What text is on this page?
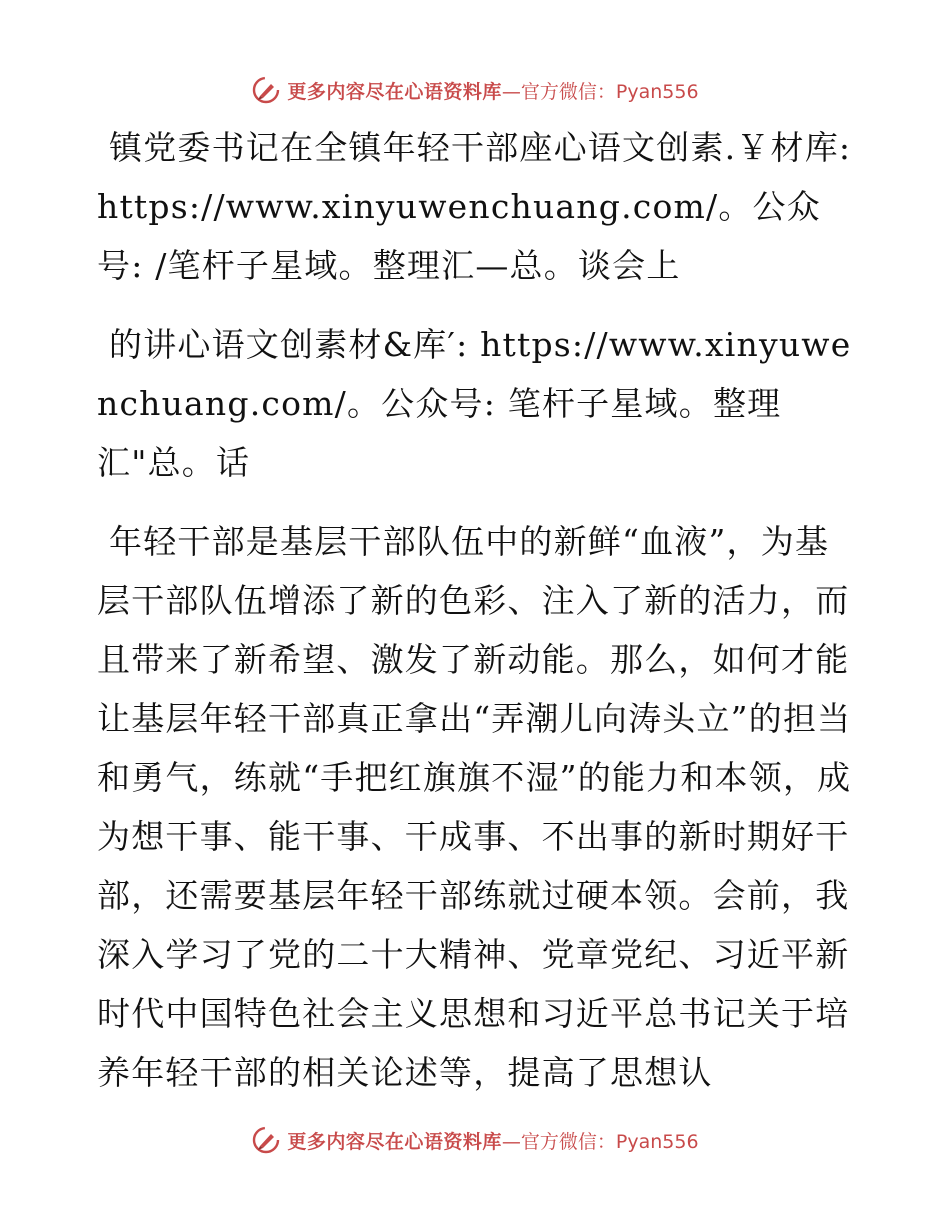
更多内容尽在心语资料库 —官方微信：Pyan556

镇党委书记在全镇年轻干部座心语文创素.￥材库: https://www.xinyuwenchuang.com/。公众号: /笔杆子星域。整理汇—总。谈会上

的讲心语文创素材&库′: https://www.xinyuwenchuang.com/。公众号: 笔杆子星域。整理汇"总。话

年轻干部是基层干部队伍中的新鲜“血液”，为基层干部队伍增添了新的色彩、注入了新的活力，而且带来了新希望、激发了新动能。那么，如何才能让基层年轻干部真正拿出“弄潮儿向涛头立”的担当和勇气，练就“手把红旗旗不湿”的能力和本领，成为想干事、能干事、干成事、不出事的新时期好干部，还需要基层年轻干部练就过硬本领。会前，我深入学习了党的二十大精神、党章党纪、习近平新时代中国特色社会主义思想和习近平总书记关于培养年轻干部的相关论述等，提高了思想认

更多内容尽在心语资料库 —官方微信：Pyan556
